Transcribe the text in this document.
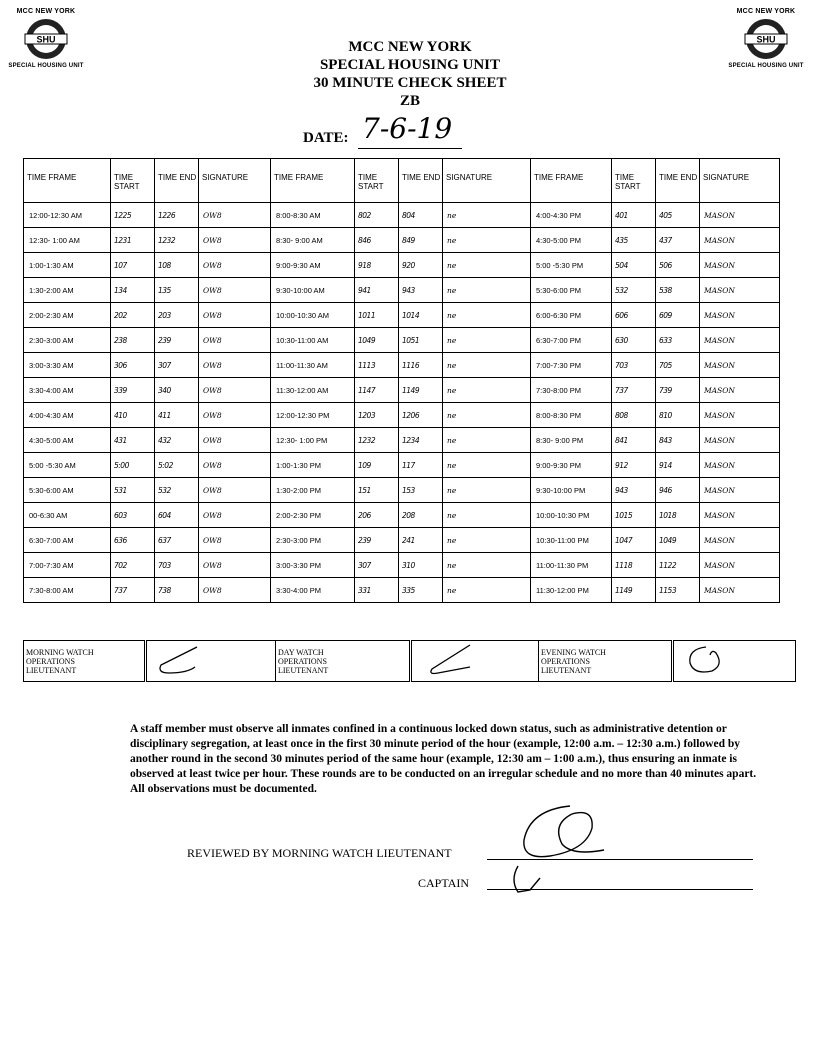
MCC NEW YORK
SHU
SPECIAL HOUSING UNIT
MCC NEW YORK
SHU
SPECIAL HOUSING UNIT
MCC NEW YORK
SPECIAL HOUSING UNIT
30 MINUTE CHECK SHEET
ZB
DATE: 7-6-19
TIME FRAME	TIME START	TIME END	SIGNATURE	TIME FRAME	TIME START	TIME END	SIGNATURE	TIME FRAME	TIME START	TIME END	SIGNATURE
12:00-12:30 AM	1225	1226	OW8	8:00-8:30 AM	802	804	ne	4:00-4:30 PM	401	405	MASON
12:30- 1:00 AM	1231	1232	OW8	8:30- 9:00 AM	846	849	ne	4:30-5:00 PM	435	437	MASON
1:00-1:30 AM	107	108	OW8	9:00-9:30 AM	918	920	ne	5:00 -5:30 PM	504	506	MASON
1:30-2:00 AM	134	135	OW8	9:30-10:00 AM	941	943	ne	5:30-6:00 PM	532	538	MASON
2:00-2:30 AM	202	203	OW8	10:00-10:30 AM	1011	1014	ne	6:00-6:30 PM	606	609	MASON
2:30-3:00 AM	238	239	OW8	10:30-11:00 AM	1049	1051	ne	6:30-7:00 PM	630	633	MASON
3:00-3:30 AM	306	307	OW8	11:00-11:30 AM	1113	1116	ne	7:00-7:30 PM	703	705	MASON
3:30-4:00 AM	339	340	OW8	11:30-12:00 AM	1147	1149	ne	7:30-8:00 PM	737	739	MASON
4:00-4:30 AM	410	411	OW8	12:00-12:30 PM	1203	1206	ne	8:00-8:30 PM	808	810	MASON
4:30-5:00 AM	431	432	OW8	12:30- 1:00 PM	1232	1234	ne	8:30- 9:00 PM	841	843	MASON
5:00 -5:30 AM	5:00	5:02	OW8	1:00-1:30 PM	109	117	ne	9:00-9:30 PM	912	914	MASON
5:30-6:00 AM	531	532	OW8	1:30-2:00 PM	151	153	ne	9:30-10:00 PM	943	946	MASON
00-6:30 AM	603	604	OW8	2:00-2:30 PM	206	208	ne	10:00-10:30 PM	1015	1018	MASON
6:30-7:00 AM	636	637	OW8	2:30-3:00 PM	239	241	ne	10:30-11:00 PM	1047	1049	MASON
7:00-7:30 AM	702	703	OW8	3:00-3:30 PM	307	310	ne	11:00-11:30 PM	1118	1122	MASON
7:30-8:00 AM	737	738	OW8	3:30-4:00 PM	331	335	ne	11:30-12:00 PM	1149	1153	MASON
MORNING WATCH
OPERATIONS
LIEUTENANT

DAY WATCH
OPERATIONS
LIEUTENANT

EVENING WATCH
OPERATIONS
LIEUTENANT

A staff member must observe all inmates confined in a continuous locked down status, such as administrative detention or disciplinary segregation, at least once in the first 30 minute period of the hour (example, 12:00 a.m. – 12:30 a.m.) followed by another round in the second 30 minutes period of the same hour (example, 12:30 am – 1:00 a.m.), thus ensuring an inmate is observed at least twice per hour. These rounds are to be conducted on an irregular schedule and no more than 40 minutes apart. All observations must be documented.
REVIEWED BY MORNING WATCH LIEUTENANT
CAPTAIN
